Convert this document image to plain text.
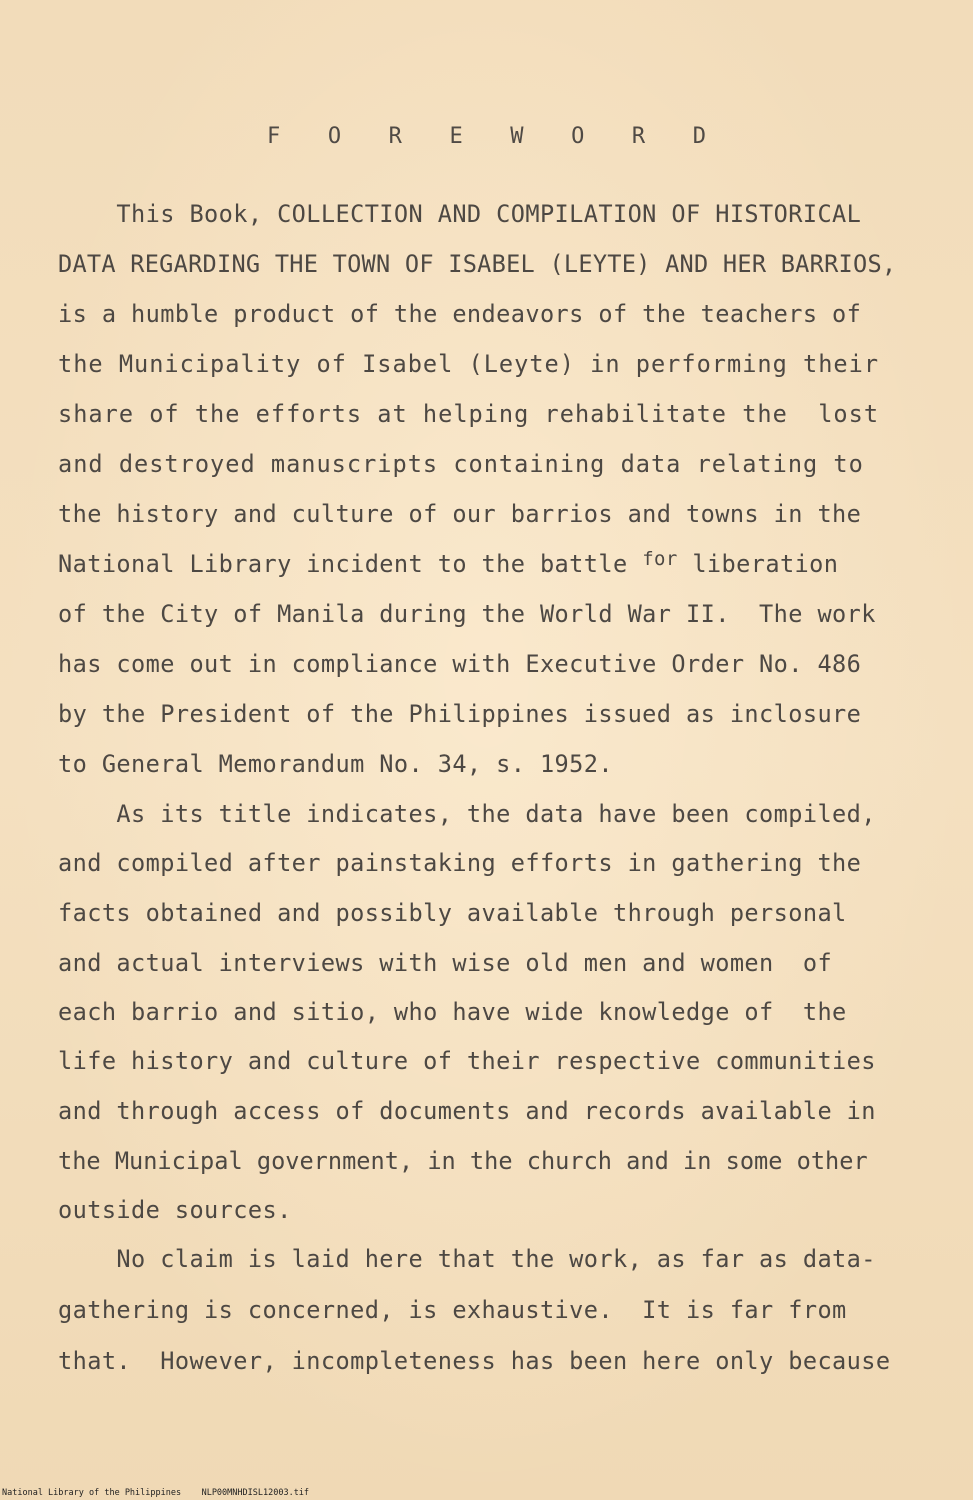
F O R E W O R D
This Book, COLLECTION AND COMPILATION OF HISTORICAL
DATA REGARDING THE TOWN OF ISABEL (LEYTE) AND HER BARRIOS,
is a humble product of the endeavors of the teachers of
the Municipality of Isabel (Leyte) in performing their
share of the efforts at helping rehabilitate the  lost
and destroyed manuscripts containing data relating to
the history and culture of our barrios and towns in the
National Library incident to the battle $^{for}$ liberation
of the City of Manila during the World War II.  The work
has come out in compliance with Executive Order No. 486
by the President of the Philippines issued as inclosure
to General Memorandum No. 34, s. 1952.
As its title indicates, the data have been compiled,
and compiled after painstaking efforts in gathering the
facts obtained and possibly available through personal
and actual interviews with wise old men and women  of
each barrio and sitio, who have wide knowledge of  the
life history and culture of their respective communities
and through access of documents and records available in
the Municipal government, in the church and in some other
outside sources.
No claim is laid here that the work, as far as data-
gathering is concerned, is exhaustive.  It is far from
that.  However, incompleteness has been here only because
National Library of the Philippines    NLP00MNHDISL12003.tif
